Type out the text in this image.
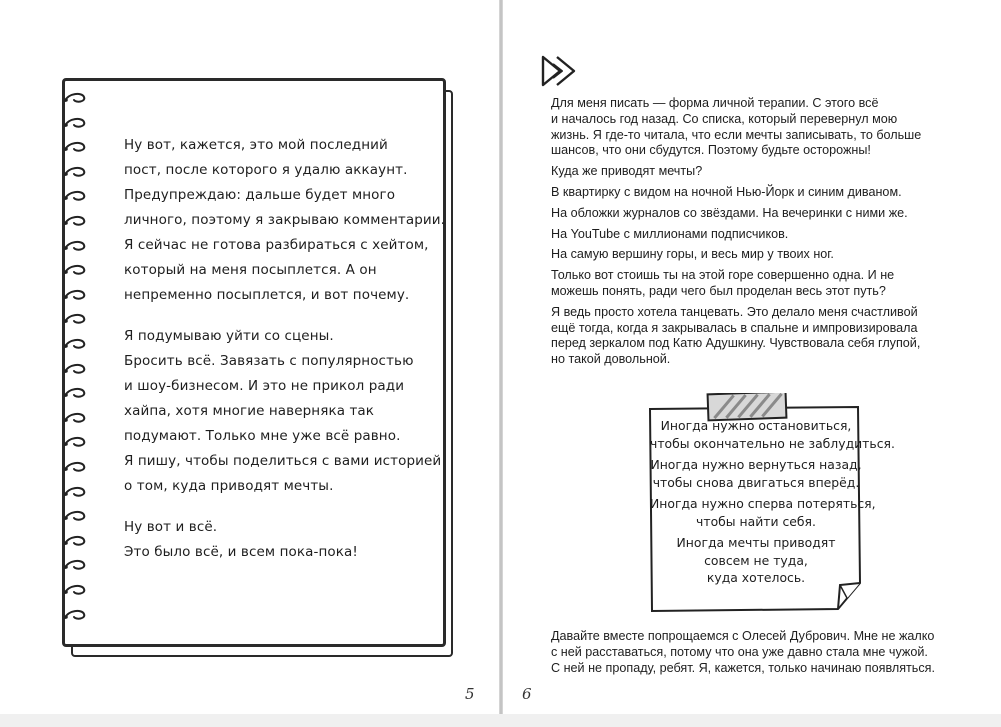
Ну вот, кажется, это мой последний
пост, после которого я удалю аккаунт.
Предупреждаю: дальше будет много
личного, поэтому я закрываю комментарии.
Я сейчас не готова разбираться с хейтом,
который на меня посыплется. А он
непременно посыплется, и вот почему.

Я подумываю уйти со сцены.
Бросить всё. Завязать с популярностью
и шоу-бизнесом. И это не прикол ради
хайпа, хотя многие наверняка так
подумают. Только мне уже всё равно.
Я пишу, чтобы поделиться с вами историей
о том, куда приводят мечты.

Ну вот и всё.
Это было всё, и всем пока-пока!

5

Для меня писать — форма личной терапии. С этого всё
и началось год назад. Со списка, который перевернул мою
жизнь. Я где-то читала, что если мечты записывать, то больше
шансов, что они сбудутся. Поэтому будьте осторожны!

Куда же приводят мечты?

В квартирку с видом на ночной Нью-Йорк и синим диваном.

На обложки журналов со звёздами. На вечеринки с ними же.

На YouTube с миллионами подписчиков.

На самую вершину горы, и весь мир у твоих ног.

Только вот стоишь ты на этой горе совершенно одна. И не
можешь понять, ради чего был проделан весь этот путь?

Я ведь просто хотела танцевать. Это делало меня счастливой
ещё тогда, когда я закрывалась в спальне и импровизировала
перед зеркалом под Катю Адушкину. Чувствовала себя глупой,
но такой довольной.

Иногда нужно остановиться,
чтобы окончательно не заблудиться.

Иногда нужно вернуться назад,
чтобы снова двигаться вперёд.

Иногда нужно сперва потеряться,
чтобы найти себя.

Иногда мечты приводят
совсем не туда,
куда хотелось.

Давайте вместе попрощаемся с Олесей Дубрович. Мне не жалко
с ней расставаться, потому что она уже давно стала мне чужой.
С ней не пропаду, ребят. Я, кажется, только начинаю появляться.
6
